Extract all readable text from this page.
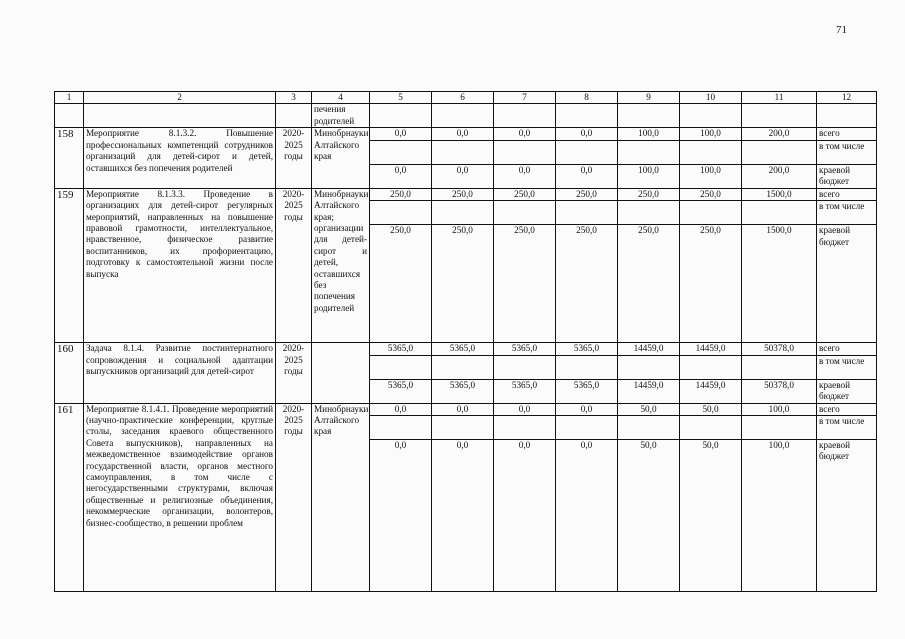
71
1	2	3	4	5	6	7	8	9	10	11	12
			печения родителей								
158	Мероприятие 8.1.3.2. Повышение профессиональных компетенций сотрудников организаций для детей-сирот и детей, оставшихся без попечения родителей	2020-2025 годы	Минобрнауки Алтайского края	0,0	0,0	0,0	0,0	100,0	100,0	200,0	всего
											в том числе
				0,0	0,0	0,0	0,0	100,0	100,0	200,0	краевой бюджет
159	Мероприятие 8.1.3.3. Проведение в организациях для детей-сирот регулярных мероприятий, направленных на повышение правовой грамотности, интеллектуальное, нравственное, физическое развитие воспитанников, их профориентацию, подготовку к самостоятельной жизни после выпуска	2020-2025 годы	Минобрнауки Алтайского края; организации для детей-сирот и детей, оставшихся без попечения родителей	250,0	250,0	250,0	250,0	250,0	250,0	1500,0	всего
											в том числе
				250,0	250,0	250,0	250,0	250,0	250,0	1500,0	краевой бюджет
160	Задача 8.1.4. Развитие постинтернатного сопровождения и социальной адаптации выпускников организаций для детей-сирот	2020-2025 годы		5365,0	5365,0	5365,0	5365,0	14459,0	14459,0	50378,0	всего
											в том числе
				5365,0	5365,0	5365,0	5365,0	14459,0	14459,0	50378,0	краевой бюджет
161	Мероприятие 8.1.4.1. Проведение мероприятий (научно-практические конференции, круглые столы, заседания краевого общественного Совета выпускников), направленных на межведомственное взаимодействие органов государственной власти, органов местного самоуправления, в том числе с негосударственными структурами, включая общественные и религиозные объединения, некоммерческие организации, волонтеров, бизнес-сообщество, в решении проблем	2020-2025 годы	Минобрнауки Алтайского края	0,0	0,0	0,0	0,0	50,0	50,0	100,0	всего
											в том числе
				0,0	0,0	0,0	0,0	50,0	50,0	100,0	краевой бюджет
